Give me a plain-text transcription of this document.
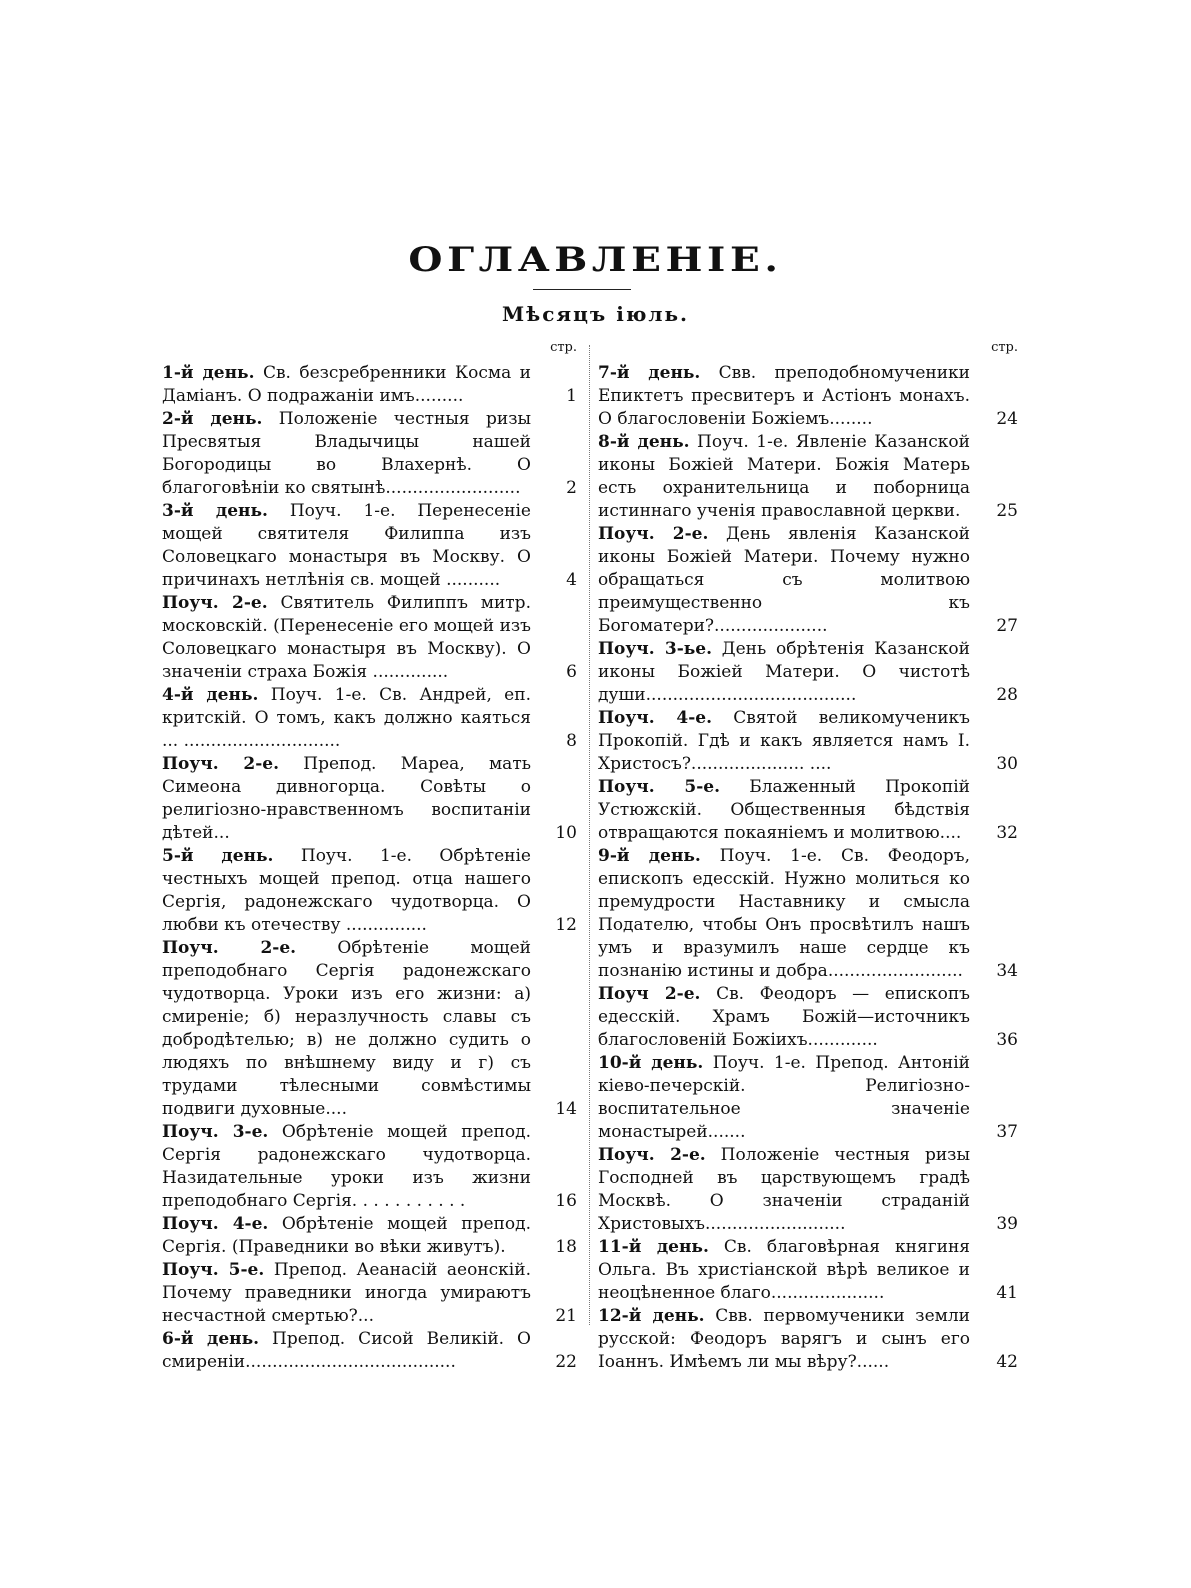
ОГЛАВЛЕНІЕ.
Мѣсяцъ іюль.
стр.
1-й день. Св. безсребренники Косма и Даміанъ. О подражаніи имъ.........	1
2-й день. Положеніе честныя ризы Пресвятыя Владычицы нашей Богородицы во Влахернѣ. О благоговѣніи ко святынѣ.........................	2
3-й день. Поуч. 1-е. Перенесеніе мощей святителя Филиппа изъ Соловецкаго монастыря въ Москву. О причинахъ нетлѣнія св. мощей ..........	4
Поуч. 2-е. Святитель Филиппъ митр. московскій. (Перенесеніе его мощей изъ Соловецкаго монастыря въ Москву). О значеніи страха Божія ..............	6
4-й день. Поуч. 1-е. Св. Андрей, еп. критскій. О томъ, какъ должно каяться ... .............................	8
Поуч. 2-е. Препод. Мареа, мать Симеона дивногорца. Совѣты о религіозно-нравственномъ воспитаніи дѣтей...	10
5-й день. Поуч. 1-е. Обрѣтеніе честныхъ мощей препод. отца нашего Сергія, радонежскаго чудотворца. О любви къ отечеству ...............	12
Поуч. 2-е. Обрѣтеніе мощей преподобнаго Сергія радонежскаго чудотворца. Уроки изъ его жизни: а) смиреніе; б) неразлучность славы съ добродѣтелью; в) не должно судить о людяхъ по внѣшнему виду и г) съ трудами тѣлесными совмѣстимы подвиги духовные....	14
Поуч. 3-е. Обрѣтеніе мощей препод. Сергія радонежскаго чудотворца. Назидательные уроки изъ жизни преподобнаго Сергія. . . . . . . . . . .	16
Поуч. 4-е. Обрѣтеніе мощей препод. Сергія. (Праведники во вѣки живутъ).	18
Поуч. 5-е. Препод. Аеанасій аеонскій. Почему праведники иногда умираютъ несчастной смертью?...	21
6-й день. Препод. Сисой Великій. О смиреніи.......................................	22
стр.
7-й день. Свв. преподобномученики Епиктетъ пресвитеръ и Астіонъ монахъ. О благословеніи Божіемъ........	24
8-й день. Поуч. 1-е. Явленіе Казанской иконы Божіей Матери. Божія Матерь есть охранительница и поборница истиннаго ученія православной церкви.	25
Поуч. 2-е. День явленія Казанской иконы Божіей Матери. Почему нужно обращаться съ молитвою преимущественно къ Богоматери?.....................	27
Поуч. 3-ье. День обрѣтенія Казанской иконы Божіей Матери. О чистотѣ души.......................................	28
Поуч. 4-е. Святой великомученикъ Прокопій. Гдѣ и какъ является намъ І. Христосъ?..................... ....	30
Поуч. 5-е. Блаженный Прокопій Устюжскій. Общественныя бѣдствія отвращаются покаяніемъ и молитвою....	32
9-й день. Поуч. 1-е. Св. Феодоръ, епископъ едесскій. Нужно молиться ко премудрости Наставнику и смысла Подателю, чтобы Онъ просвѣтилъ нашъ умъ и вразумилъ наше сердце къ познанію истины и добра.........................	34
Поуч 2-е. Св. Феодоръ — епископъ едесскій. Храмъ Божій—источникъ благословеній Божіихъ.............	36
10-й день. Поуч. 1-е. Препод. Антоній кіево-печерскій. Религіозно-воспитательное значеніе монастырей.......	37
Поуч. 2-е. Положеніе честныя ризы Господней въ царствующемъ градѣ Москвѣ. О значеніи страданій Христовыхъ..........................	39
11-й день. Св. благовѣрная княгиня Ольга. Въ христіанской вѣрѣ великое и неоцѣненное благо.....................	41
12-й день. Свв. первомученики земли русской: Феодоръ варягъ и сынъ его Іоаннъ. Имѣемъ ли мы вѣру?......	42
